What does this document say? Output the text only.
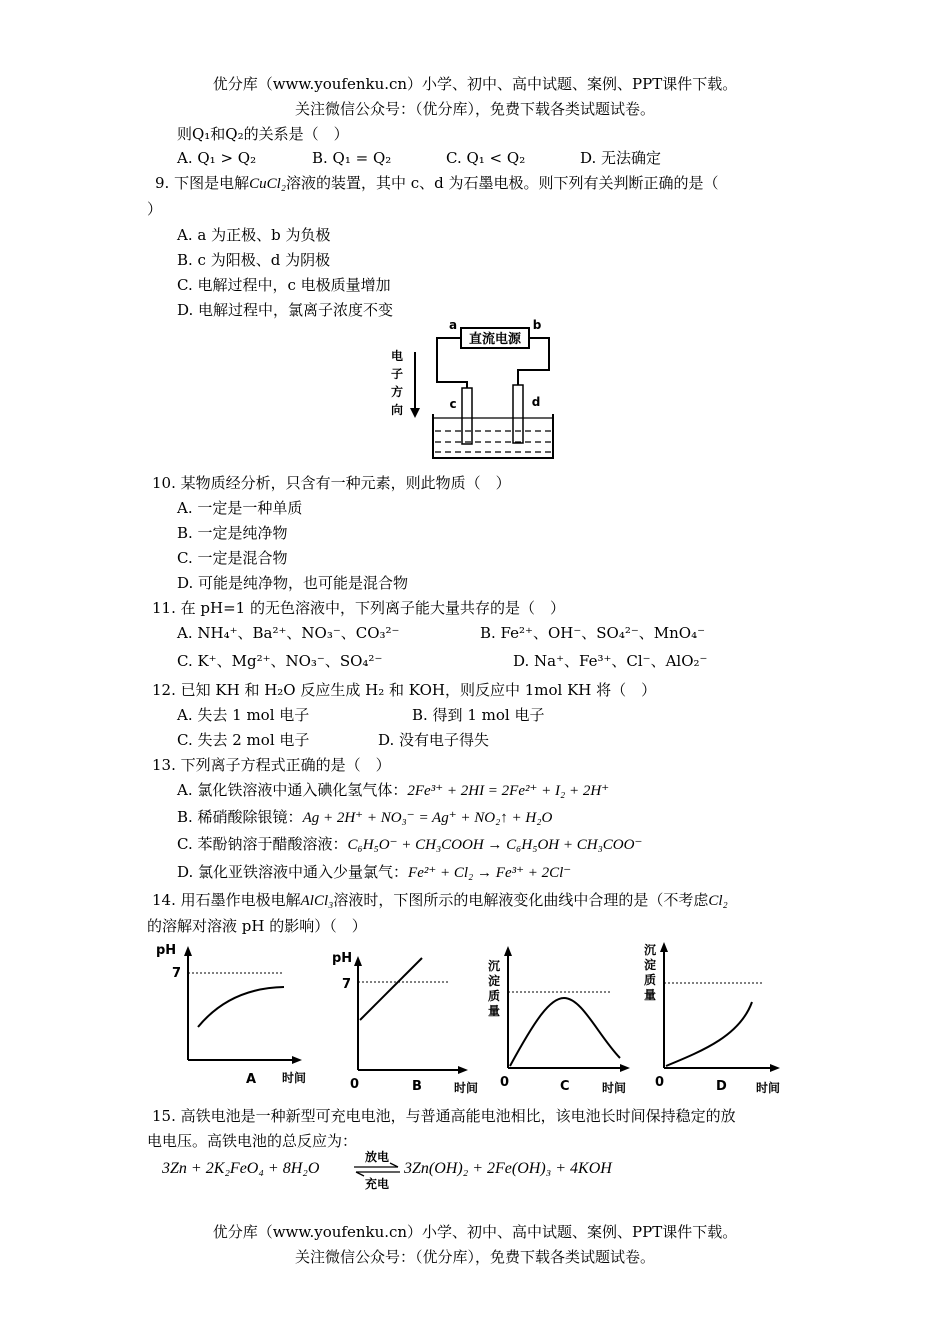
优分库（www.youfenku.cn）小学、初中、高中试题、案例、PPT课件下载。
关注微信公众号：（优分库），免费下载各类试题试卷。
则Q₁和Q₂的关系是（　）
A. Q₁ > Q₂	B. Q₁ = Q₂	C. Q₁ < Q₂	D. 无法确定
9. 下图是电解CuCl₂溶液的装置，其中 c、d 为石墨电极。则下列有关判断正确的是（
）
A. a 为正极、b 为负极
B. c 为阳极、d 为阴极
C. 电解过程中，c 电极质量增加
D. 电解过程中，氯离子浓度不变
直流电源
a	b
c	d
电
子
方
向
10. 某物质经分析，只含有一种元素，则此物质（　）
A. 一定是一种单质
B. 一定是纯净物
C. 一定是混合物
D. 可能是纯净物，也可能是混合物
11. 在 pH=1 的无色溶液中，下列离子能大量共存的是（　）
A. NH₄⁺、Ba²⁺、NO₃⁻、CO₃²⁻	B. Fe²⁺、OH⁻、SO₄²⁻、MnO₄⁻
C. K⁺、Mg²⁺、NO₃⁻、SO₄²⁻	D. Na⁺、Fe³⁺、Cl⁻、AlO₂⁻
12. 已知 KH 和 H₂O 反应生成 H₂ 和 KOH，则反应中 1mol KH 将（　）
A. 失去 1 mol 电子	B. 得到 1 mol 电子
C. 失去 2 mol 电子	D. 没有电子得失
13. 下列离子方程式正确的是（　）
A. 氯化铁溶液中通入碘化氢气体：2Fe³⁺ + 2HI = 2Fe²⁺ + I₂ + 2H⁺
B. 稀硝酸除银镜：Ag + 2H⁺ + NO₃⁻ = Ag⁺ + NO₂↑ + H₂O
C. 苯酚钠溶于醋酸溶液：C₆H₅O⁻ + CH₃COOH → C₆H₅OH + CH₃COO⁻
D. 氯化亚铁溶液中通入少量氯气：Fe²⁺ + Cl₂ → Fe³⁺ + 2Cl⁻
14. 用石墨作电极电解AlCl₃溶液时，下图所示的电解液变化曲线中合理的是（不考虑Cl₂
的溶解对溶液 pH 的影响）（　）
pH
7
A 时间
pH
7
0	B	时间
沉 淀 质 量
0	C	时间
沉 淀 质 量
0	D 时间
15. 高铁电池是一种新型可充电电池，与普通高能电池相比，该电池长时间保持稳定的放
电电压。高铁电池的总反应为：
3Zn + 2K₂FeO₄ + 8H₂O
放电
充电
3Zn(OH)₂ + 2Fe(OH)₃ + 4KOH
优分库（www.youfenku.cn）小学、初中、高中试题、案例、PPT课件下载。
关注微信公众号：（优分库），免费下载各类试题试卷。
